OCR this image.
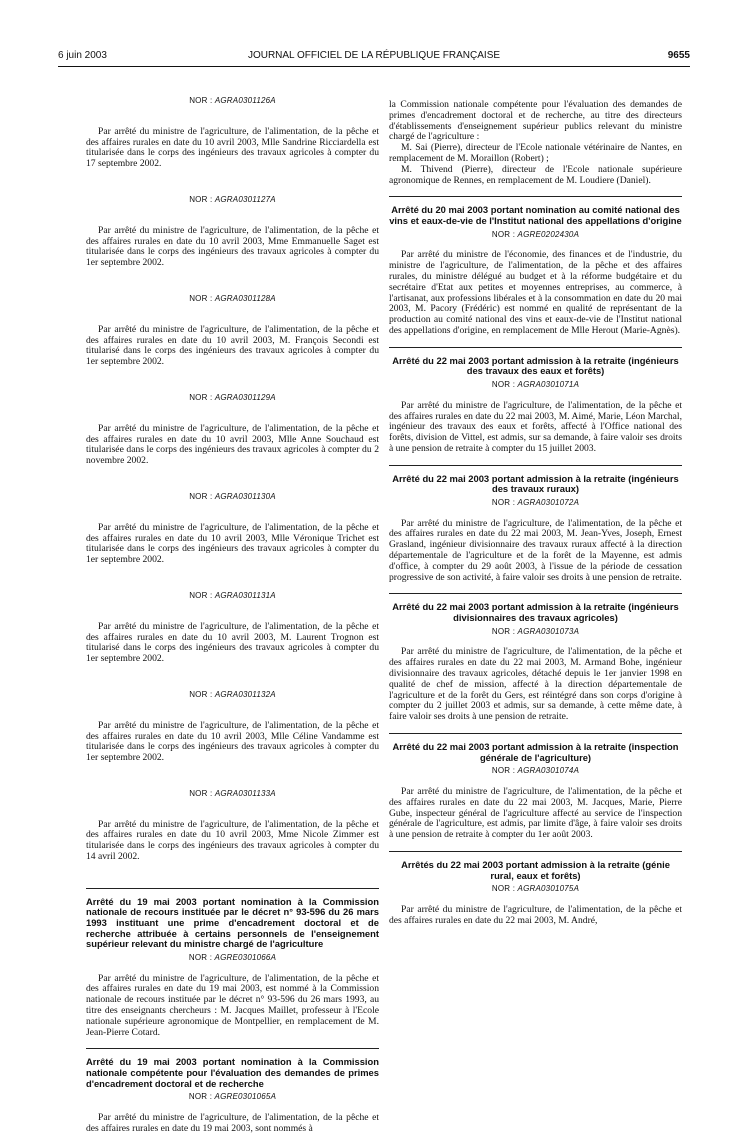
6 juin 2003	JOURNAL OFFICIEL DE LA RÉPUBLIQUE FRANÇAISE	9655
NOR : AGRA0301126A

Par arrêté du ministre de l'agriculture, de l'alimentation, de la pêche et des affaires rurales en date du 10 avril 2003, Mlle Sandrine Ricciardella est titularisée dans le corps des ingénieurs des travaux agricoles à compter du 17 septembre 2002.

NOR : AGRA0301127A

Par arrêté du ministre de l'agriculture, de l'alimentation, de la pêche et des affaires rurales en date du 10 avril 2003, Mme Emmanuelle Saget est titularisée dans le corps des ingénieurs des travaux agricoles à compter du 1er septembre 2002.

NOR : AGRA0301128A

Par arrêté du ministre de l'agriculture, de l'alimentation, de la pêche et des affaires rurales en date du 10 avril 2003, M. François Secondi est titularisé dans le corps des ingénieurs des travaux agricoles à compter du 1er septembre 2002.

NOR : AGRA0301129A

Par arrêté du ministre de l'agriculture, de l'alimentation, de la pêche et des affaires rurales en date du 10 avril 2003, Mlle Anne Souchaud est titularisée dans le corps des ingénieurs des travaux agricoles à compter du 2 novembre 2002.

NOR : AGRA0301130A

Par arrêté du ministre de l'agriculture, de l'alimentation, de la pêche et des affaires rurales en date du 10 avril 2003, Mlle Véronique Trichet est titularisée dans le corps des ingénieurs des travaux agricoles à compter du 1er septembre 2002.

NOR : AGRA0301131A

Par arrêté du ministre de l'agriculture, de l'alimentation, de la pêche et des affaires rurales en date du 10 avril 2003, M. Laurent Trognon est titularisé dans le corps des ingénieurs des travaux agricoles à compter du 1er septembre 2002.

NOR : AGRA0301132A

Par arrêté du ministre de l'agriculture, de l'alimentation, de la pêche et des affaires rurales en date du 10 avril 2003, Mlle Céline Vandamme est titularisée dans le corps des ingénieurs des travaux agricoles à compter du 1er septembre 2002.

NOR : AGRA0301133A

Par arrêté du ministre de l'agriculture, de l'alimentation, de la pêche et des affaires rurales en date du 10 avril 2003, Mme Nicole Zimmer est titularisée dans le corps des ingénieurs des travaux agricoles à compter du 14 avril 2002.

Arrêté du 19 mai 2003 portant nomination à la Commission nationale de recours instituée par le décret n° 93-596 du 26 mars 1993 instituant une prime d'encadrement doctoral et de recherche attribuée à certains personnels de l'enseignement supérieur relevant du ministre chargé de l'agriculture
NOR : AGRE0301066A

Par arrêté du ministre de l'agriculture, de l'alimentation, de la pêche et des affaires rurales en date du 19 mai 2003, est nommé à la Commission nationale de recours instituée par le décret n° 93-596 du 26 mars 1993, au titre des enseignants chercheurs : M. Jacques Maillet, professeur à l'Ecole nationale supérieure agronomique de Montpellier, en remplacement de M. Jean-Pierre Cotard.

Arrêté du 19 mai 2003 portant nomination à la Commission nationale compétente pour l'évaluation des demandes de primes d'encadrement doctoral et de recherche
NOR : AGRE0301065A

Par arrêté du ministre de l'agriculture, de l'alimentation, de la pêche et des affaires rurales en date du 19 mai 2003, sont nommés à

la Commission nationale compétente pour l'évaluation des demandes de primes d'encadrement doctoral et de recherche, au titre des directeurs d'établissements d'enseignement supérieur publics relevant du ministre chargé de l'agriculture :

M. Sai (Pierre), directeur de l'Ecole nationale vétérinaire de Nantes, en remplacement de M. Moraillon (Robert) ;

M. Thivend (Pierre), directeur de l'Ecole nationale supérieure agronomique de Rennes, en remplacement de M. Loudiere (Daniel).

Arrêté du 20 mai 2003 portant nomination au comité national des vins et eaux-de-vie de l'Institut national des appellations d'origine
NOR : AGRE0202430A

Par arrêté du ministre de l'économie, des finances et de l'industrie, du ministre de l'agriculture, de l'alimentation, de la pêche et des affaires rurales, du ministre délégué au budget et à la réforme budgétaire et du secrétaire d'Etat aux petites et moyennes entreprises, au commerce, à l'artisanat, aux professions libérales et à la consommation en date du 20 mai 2003, M. Pacory (Frédéric) est nommé en qualité de représentant de la production au comité national des vins et eaux-de-vie de l'Institut national des appellations d'origine, en remplacement de Mlle Herout (Marie-Agnès).

Arrêté du 22 mai 2003 portant admission à la retraite (ingénieurs des travaux des eaux et forêts)
NOR : AGRA0301071A

Par arrêté du ministre de l'agriculture, de l'alimentation, de la pêche et des affaires rurales en date du 22 mai 2003, M. Aimé, Marie, Léon Marchal, ingénieur des travaux des eaux et forêts, affecté à l'Office national des forêts, division de Vittel, est admis, sur sa demande, à faire valoir ses droits à une pension de retraite à compter du 15 juillet 2003.

Arrêté du 22 mai 2003 portant admission à la retraite (ingénieurs des travaux ruraux)
NOR : AGRA0301072A

Par arrêté du ministre de l'agriculture, de l'alimentation, de la pêche et des affaires rurales en date du 22 mai 2003, M. Jean-Yves, Joseph, Ernest Grasland, ingénieur divisionnaire des travaux ruraux affecté à la direction départementale de l'agriculture et de la forêt de la Mayenne, est admis d'office, à compter du 29 août 2003, à l'issue de la période de cessation progressive de son activité, à faire valoir ses droits à une pension de retraite.

Arrêté du 22 mai 2003 portant admission à la retraite (ingénieurs divisionnaires des travaux agricoles)
NOR : AGRA0301073A

Par arrêté du ministre de l'agriculture, de l'alimentation, de la pêche et des affaires rurales en date du 22 mai 2003, M. Armand Bohe, ingénieur divisionnaire des travaux agricoles, détaché depuis le 1er janvier 1998 en qualité de chef de mission, affecté à la direction départementale de l'agriculture et de la forêt du Gers, est réintégré dans son corps d'origine à compter du 2 juillet 2003 et admis, sur sa demande, à cette même date, à faire valoir ses droits à une pension de retraite.

Arrêté du 22 mai 2003 portant admission à la retraite (inspection générale de l'agriculture)
NOR : AGRA0301074A

Par arrêté du ministre de l'agriculture, de l'alimentation, de la pêche et des affaires rurales en date du 22 mai 2003, M. Jacques, Marie, Pierre Gube, inspecteur général de l'agriculture affecté au service de l'inspection générale de l'agriculture, est admis, par limite d'âge, à faire valoir ses droits à une pension de retraite à compter du 1er août 2003.

Arrêtés du 22 mai 2003 portant admission à la retraite (génie rural, eaux et forêts)
NOR : AGRA0301075A

Par arrêté du ministre de l'agriculture, de l'alimentation, de la pêche et des affaires rurales en date du 22 mai 2003, M. André,
